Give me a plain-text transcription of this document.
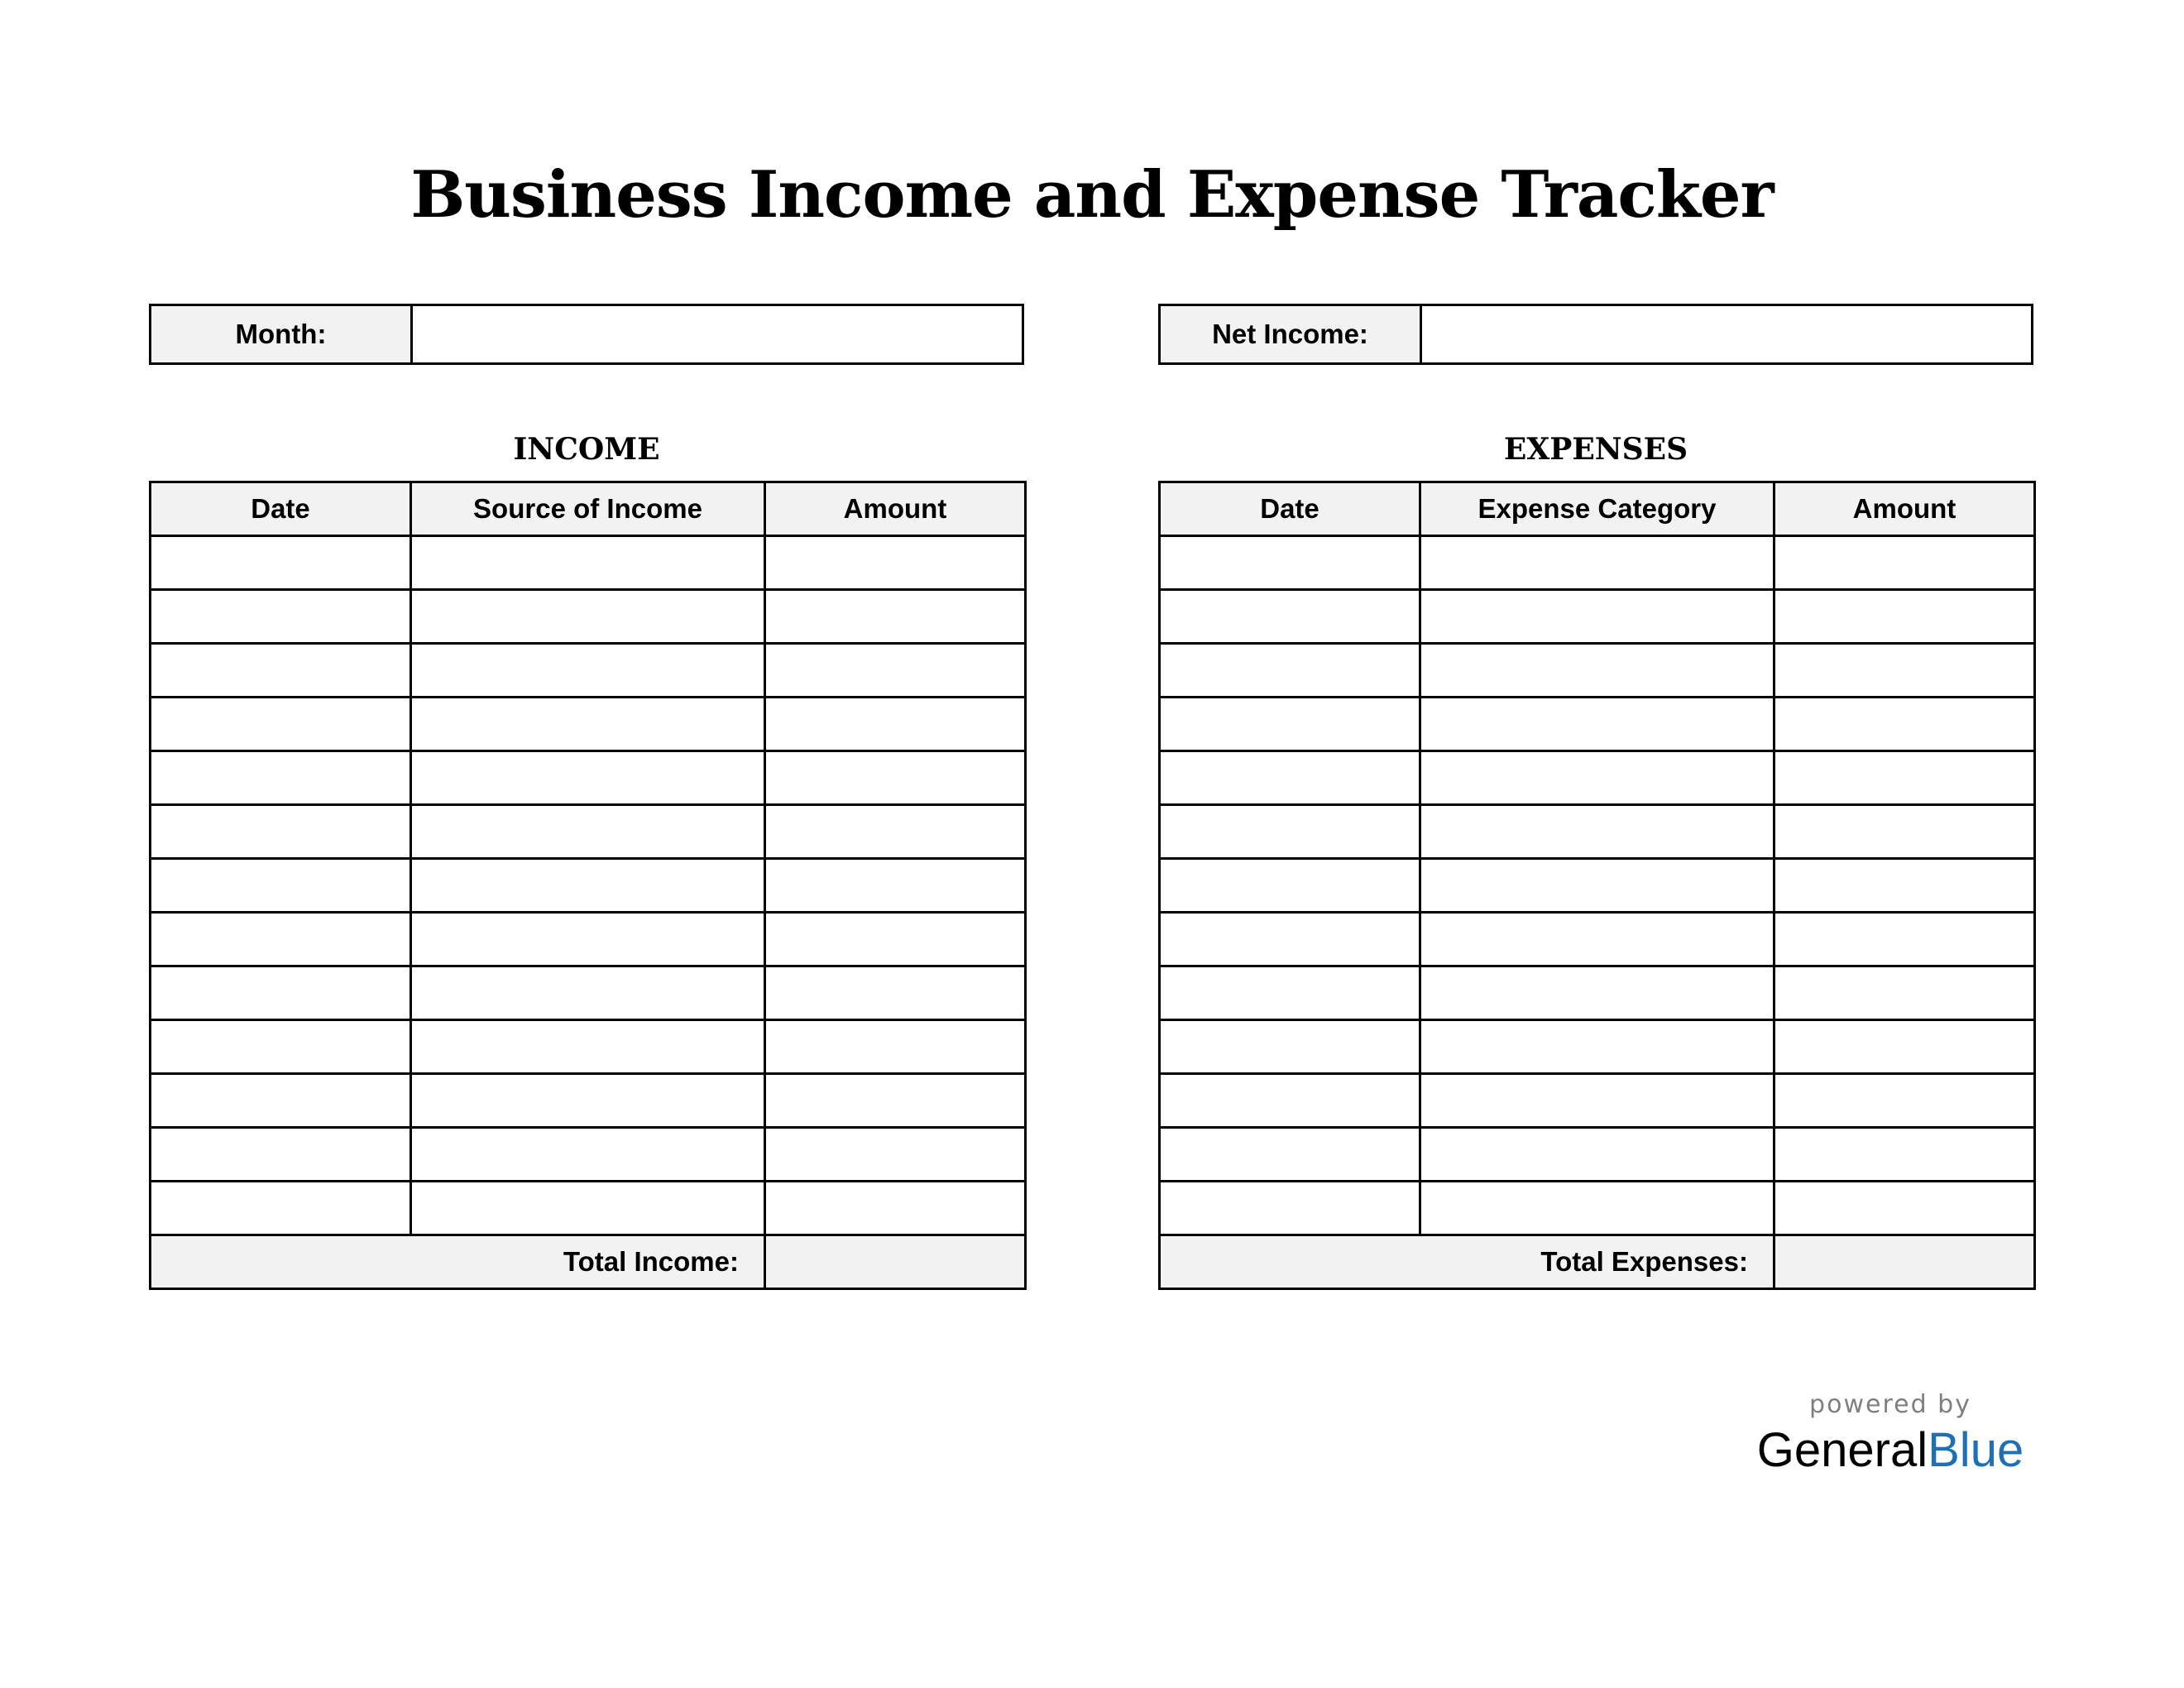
Business Income and Expense Tracker
Month:	Net Income:
INCOME	EXPENSES
Date	Source of Income	Amount

Total Income:		
Date	Expense Category	Amount

Total Expenses:		
powered by
GeneralBlue
